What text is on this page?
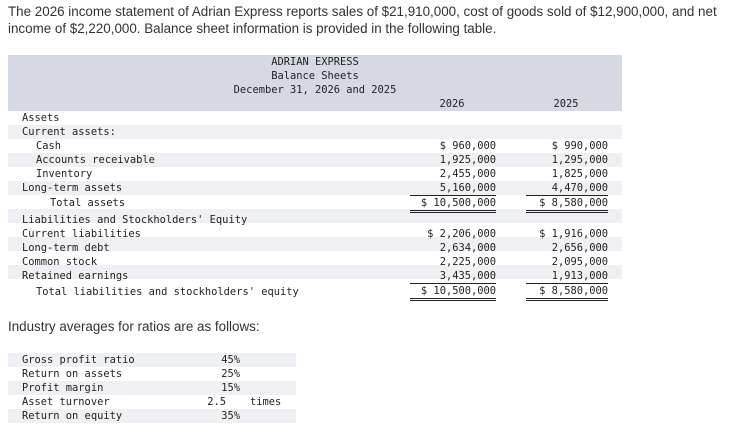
The 2026 income statement of Adrian Express reports sales of $21,910,000, cost of goods sold of $12,900,000, and net income of $2,220,000. Balance sheet information is provided in the following table.
ADRIAN EXPRESS
Balance Sheets
December 31, 2026 and 2025
2026	2025
Assets
Current assets:
Cash	$ 960,000	$ 990,000
Accounts receivable	1,925,000	1,295,000
Inventory	2,455,000	1,825,000
Long-term assets	5,160,000	4,470,000
Total assets	$ 10,500,000	$ 8,580,000
Liabilities and Stockholders' Equity
Current liabilities	$ 2,206,000	$ 1,916,000
Long-term debt	2,634,000	2,656,000
Common stock	2,225,000	2,095,000
Retained earnings	3,435,000	1,913,000
Total liabilities and stockholders' equity	$ 10,500,000	$ 8,580,000
Industry averages for ratios are as follows:
Gross profit ratio	45%
Return on assets	25%
Profit margin	15%
Asset turnover	2.5 times
Return on equity	35%
